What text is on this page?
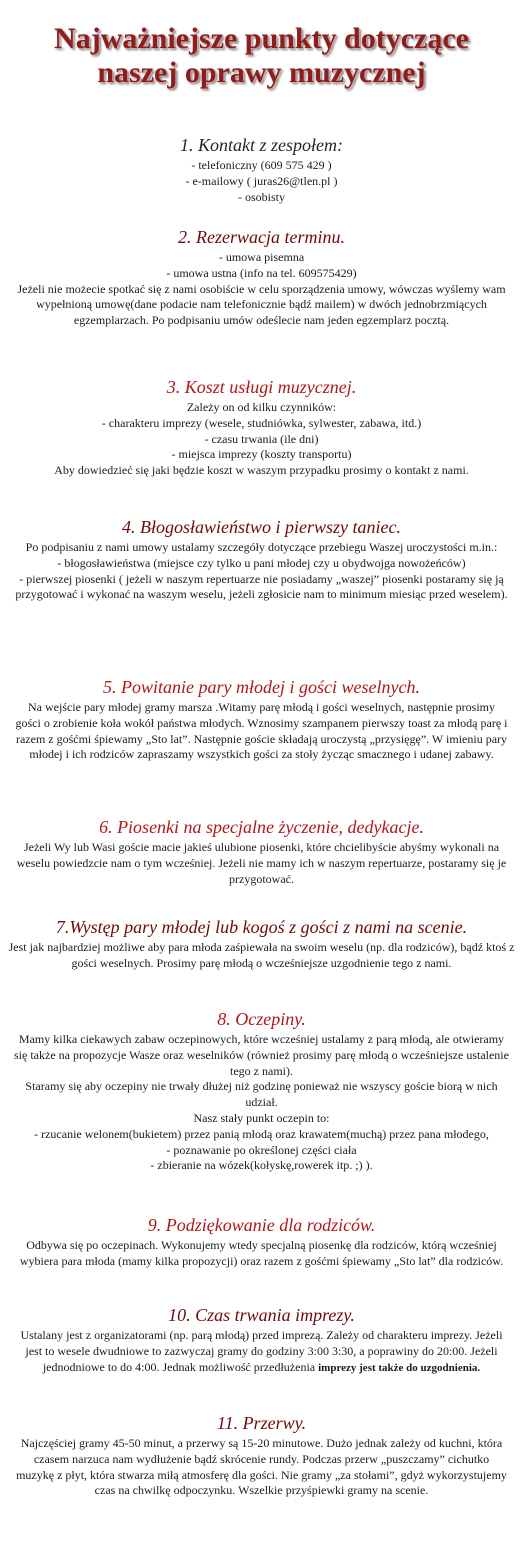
Najważniejsze punkty dotyczące
naszej oprawy muzycznej
1. Kontakt z zespołem:
- telefoniczny (609 575 429 )
- e-mailowy ( juras26@tlen.pl )
- osobisty
2. Rezerwacja terminu.
- umowa pisemna
- umowa ustna (info na tel. 609575429)
Jeżeli nie możecie spotkać się z nami osobiście w celu sporządzenia umowy, wówczas wyślemy wam wypełnioną umowę(dane podacie nam telefonicznie bądź mailem) w dwóch jednobrzmiących egzemplarzach. Po podpisaniu umów odeślecie nam jeden egzemplarz pocztą.
3. Koszt usługi muzycznej.
Zależy on od kilku czynników:
- charakteru imprezy (wesele, studniówka, sylwester, zabawa, itd.)
- czasu trwania (ile dni)
- miejsca imprezy (koszty transportu)
Aby dowiedzieć się jaki będzie koszt w waszym przypadku prosimy o kontakt z nami.
4. Błogosławieństwo i pierwszy taniec.
Po podpisaniu z nami umowy ustalamy szczegóły dotyczące przebiegu Waszej uroczystości m.in.:
- błogosławieństwa (miejsce czy tylko u pani młodej czy u obydwojga nowożeńców)
- pierwszej piosenki ( jeżeli w naszym repertuarze nie posiadamy „waszej” piosenki postaramy się ją przygotować i wykonać na waszym weselu, jeżeli zgłosicie nam to minimum miesiąc przed weselem).
5. Powitanie pary młodej i gości weselnych.
Na wejście pary młodej gramy marsza .Witamy parę młodą i gości weselnych, następnie prosimy gości o zrobienie koła wokół państwa młodych. Wznosimy szampanem pierwszy toast za młodą parę i razem z gośćmi śpiewamy „Sto lat”. Następnie goście składają uroczystą „przysięgę”. W imieniu pary młodej i ich rodziców zapraszamy wszystkich gości za stoły życząc smacznego i udanej zabawy.
6. Piosenki na specjalne życzenie, dedykacje.
Jeżeli Wy lub Wasi goście macie jakieś ulubione piosenki, które chcielibyście abyśmy wykonali na weselu powiedzcie nam o tym wcześniej. Jeżeli nie mamy ich w naszym repertuarze, postaramy się je przygotować.
7.Występ pary młodej lub kogoś z gości z nami na scenie.
Jest jak najbardziej możliwe aby para młoda zaśpiewała na swoim weselu (np. dla rodziców), bądź ktoś z gości weselnych. Prosimy parę młodą o wcześniejsze uzgodnienie tego z nami.
8. Oczepiny.
Mamy kilka ciekawych zabaw oczepinowych, które wcześniej ustalamy z parą młodą, ale otwieramy się także na propozycje Wasze oraz weselników (również prosimy parę młodą o wcześniejsze ustalenie tego z nami).
Staramy się aby oczepiny nie trwały dłużej niż godzinę ponieważ nie wszyscy goście biorą w nich udział.
Nasz stały punkt oczepin to:
- rzucanie welonem(bukietem) przez panią młodą oraz krawatem(muchą) przez pana młodego,
- poznawanie po określonej części ciała
- zbieranie na wózek(kołyskę,rowerek itp. ;) ).
9. Podziękowanie dla rodziców.
Odbywa się po oczepinach. Wykonujemy wtedy specjalną piosenkę dla rodziców, którą wcześniej wybiera para młoda (mamy kilka propozycji) oraz razem z gośćmi śpiewamy „Sto lat” dla rodziców.
10. Czas trwania imprezy.
Ustalany jest z organizatorami (np. parą młodą) przed imprezą. Zależy od charakteru imprezy. Jeżeli jest to wesele dwudniowe to zazwyczaj gramy do godziny 3:00 3:30, a poprawiny do 20:00. Jeżeli jednodniowe to do 4:00. Jednak możliwość przedłużenia imprezy jest także do uzgodnienia.
11. Przerwy.
Najczęściej gramy 45-50 minut, a przerwy są 15-20 minutowe. Dużo jednak zależy od kuchni, która czasem narzuca nam wydłużenie bądź skrócenie rundy. Podczas przerw „puszczamy” cichutko muzykę z płyt, która stwarza miłą atmosferę dla gości. Nie gramy „za stołami”, gdyż wykorzystujemy czas na chwilkę odpoczynku. Wszelkie przyśpiewki gramy na scenie.
